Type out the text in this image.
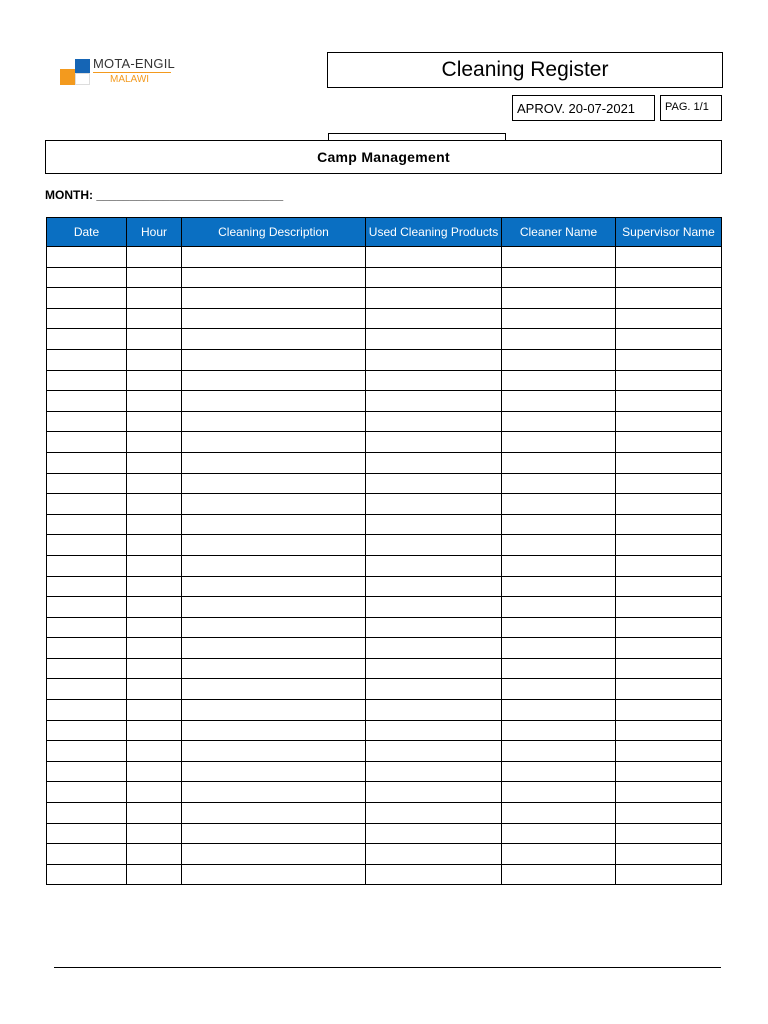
MOTA-ENGIL
MALAWI	Cleaning Register
APROV. 20-07-2021	PAG. 1/1
Camp Management
MONTH: ____________________________
Date	Hour	Cleaning Description	Used Cleaning Products	Cleaner Name	Supervisor Name
